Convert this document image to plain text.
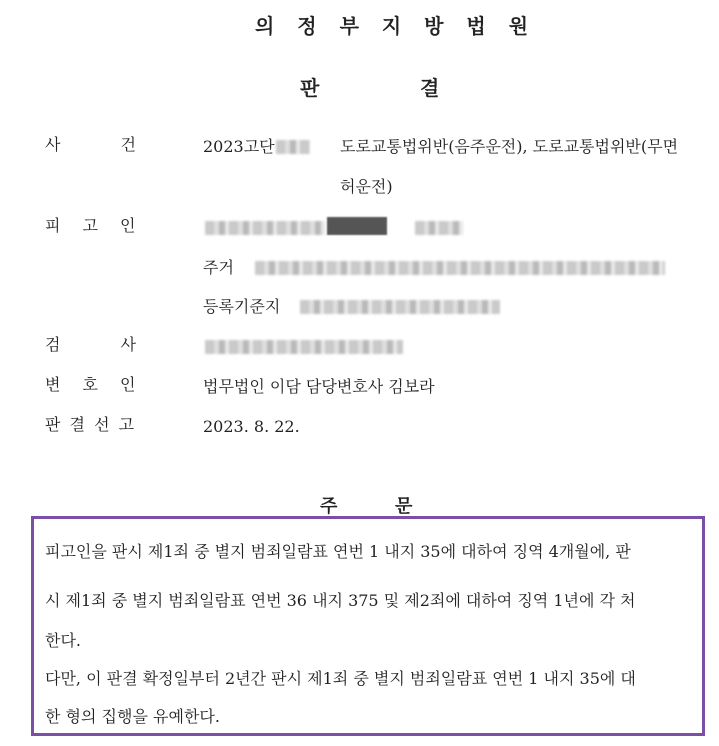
의 정 부 지 방 법 원
판	결
사	건	2023고단	도로교통법위반(음주운전), 도로교통법위반(무면
허운전)
피 고 인
주거
등록기준지
검	사
변 호 인	법무법인 이담 담당변호사 김보라
판 결 선 고	2023. 8. 22.
주	문
피고인을 판시 제1죄 중 별지 범죄일람표 연번 1 내지 35에 대하여 징역 4개월에, 판
시 제1죄 중 별지 범죄일람표 연번 36 내지 375 및 제2죄에 대하여 징역 1년에 각 처
한다.
다만, 이 판결 확정일부터 2년간 판시 제1죄 중 별지 범죄일람표 연번 1 내지 35에 대
한 형의 집행을 유예한다.
